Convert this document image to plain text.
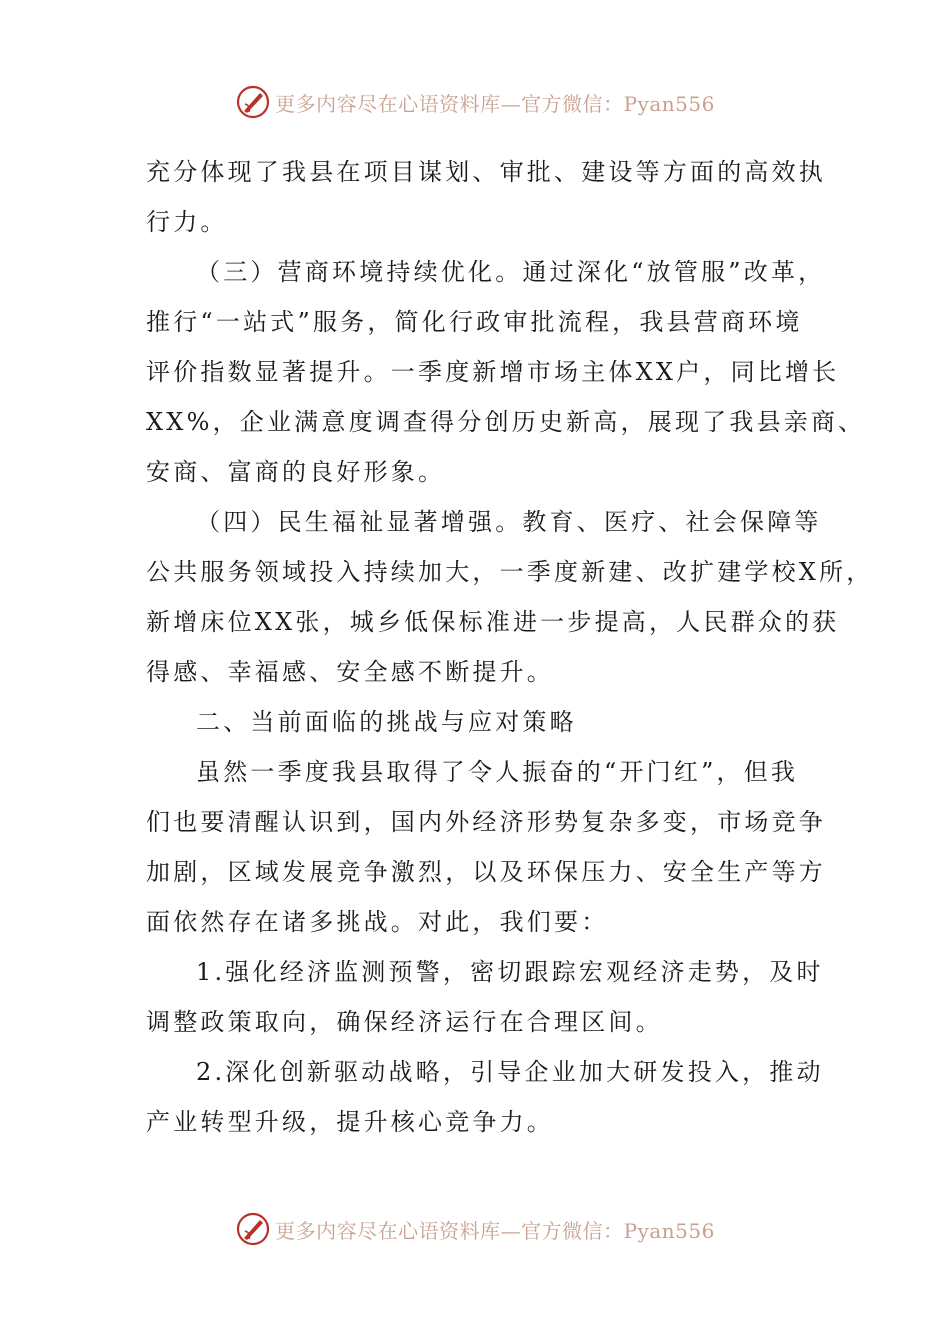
更多内容尽在心语资料库—官方微信：Pyan556
充分体现了我县在项目谋划、审批、建设等方面的高效执
行力。
（三）营商环境持续优化。通过深化“放管服”改革，
推行“一站式”服务，简化行政审批流程，我县营商环境
评价指数显著提升。一季度新增市场主体XX户，同比增长
XX%，企业满意度调查得分创历史新高，展现了我县亲商、
安商、富商的良好形象。
（四）民生福祉显著增强。教育、医疗、社会保障等
公共服务领域投入持续加大，一季度新建、改扩建学校X所，
新增床位XX张，城乡低保标准进一步提高，人民群众的获
得感、幸福感、安全感不断提升。
二、当前面临的挑战与应对策略
虽然一季度我县取得了令人振奋的“开门红”，但我
们也要清醒认识到，国内外经济形势复杂多变，市场竞争
加剧，区域发展竞争激烈，以及环保压力、安全生产等方
面依然存在诸多挑战。对此，我们要：
1.强化经济监测预警，密切跟踪宏观经济走势，及时
调整政策取向，确保经济运行在合理区间。
2.深化创新驱动战略，引导企业加大研发投入，推动
产业转型升级，提升核心竞争力。
更多内容尽在心语资料库—官方微信：Pyan556
